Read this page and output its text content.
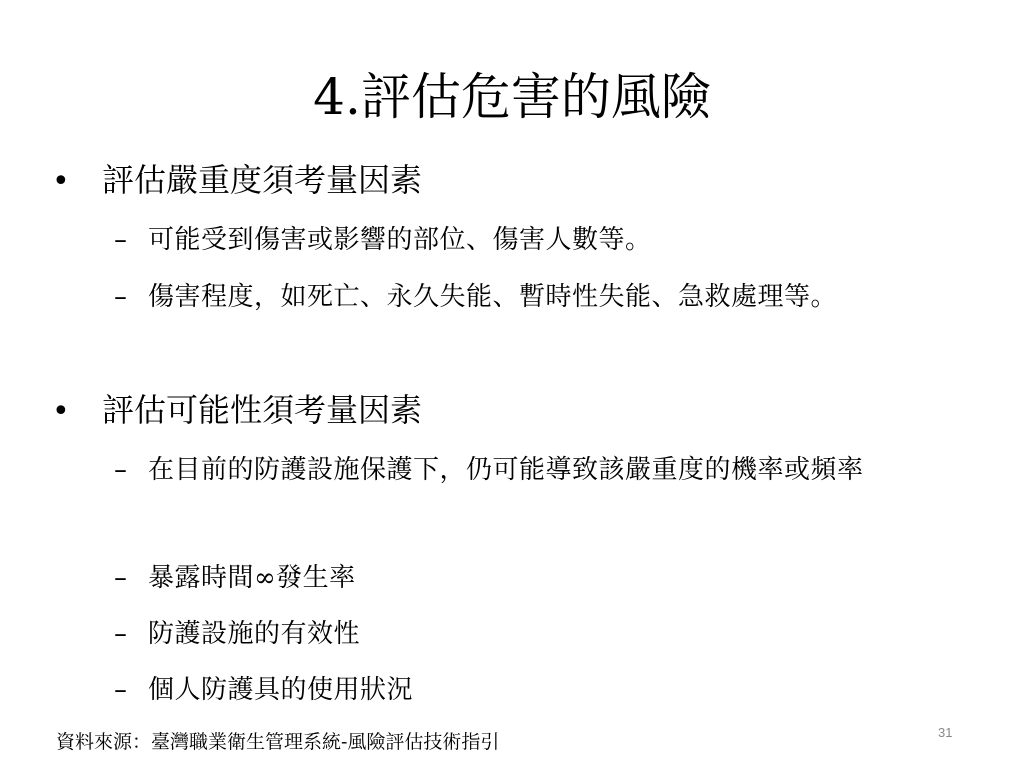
4.評估危害的風險
• 評估嚴重度須考量因素
– 可能受到傷害或影響的部位、傷害人數等。
– 傷害程度，如死亡、永久失能、暫時性失能、急救處理等。
• 評估可能性須考量因素
– 在目前的防護設施保護下，仍可能導致該嚴重度的機率或頻率
– 暴露時間∞發生率
– 防護設施的有效性
– 個人防護具的使用狀況
資料來源：臺灣職業衛生管理系統-風險評估技術指引	31
